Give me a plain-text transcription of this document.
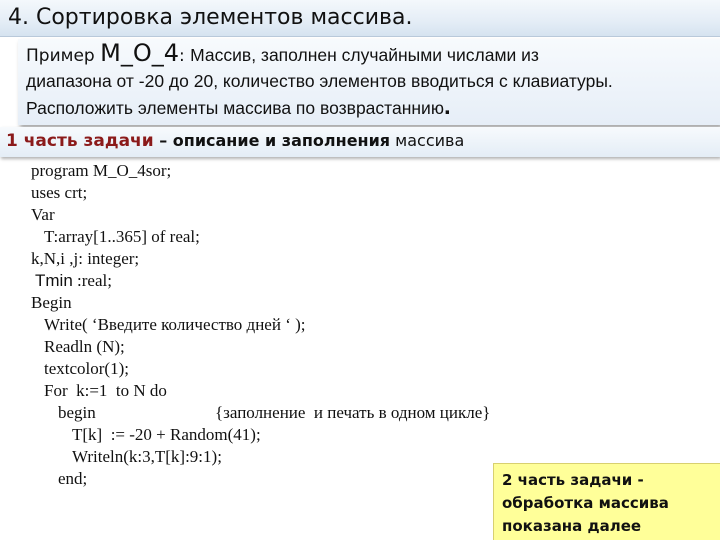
4. Сортировка элементов массива.
Пример M_O_4: Массив, заполнен случайными числами из
диапазона от -20 до 20, количество элементов вводиться с клавиатуры.
Расположить элементы массива по возврастаннию.
1 часть задачи – описание и заполнения массива
program M_O_4sor;
uses crt;
Var
T:array[1..365] of real;
k,N,i ,j: integer;
Tmin :real;
Begin
Write( ‘Введите количество дней ‘ );
Readln (N);
textcolor(1);
For  k:=1  to N do
begin	{заполнение  и печать в одном цикле}
T[k]  := -20 + Random(41);
Writeln(k:3,T[k]:9:1);
end;	2 часть задачи -
обработка массива
показана далее
